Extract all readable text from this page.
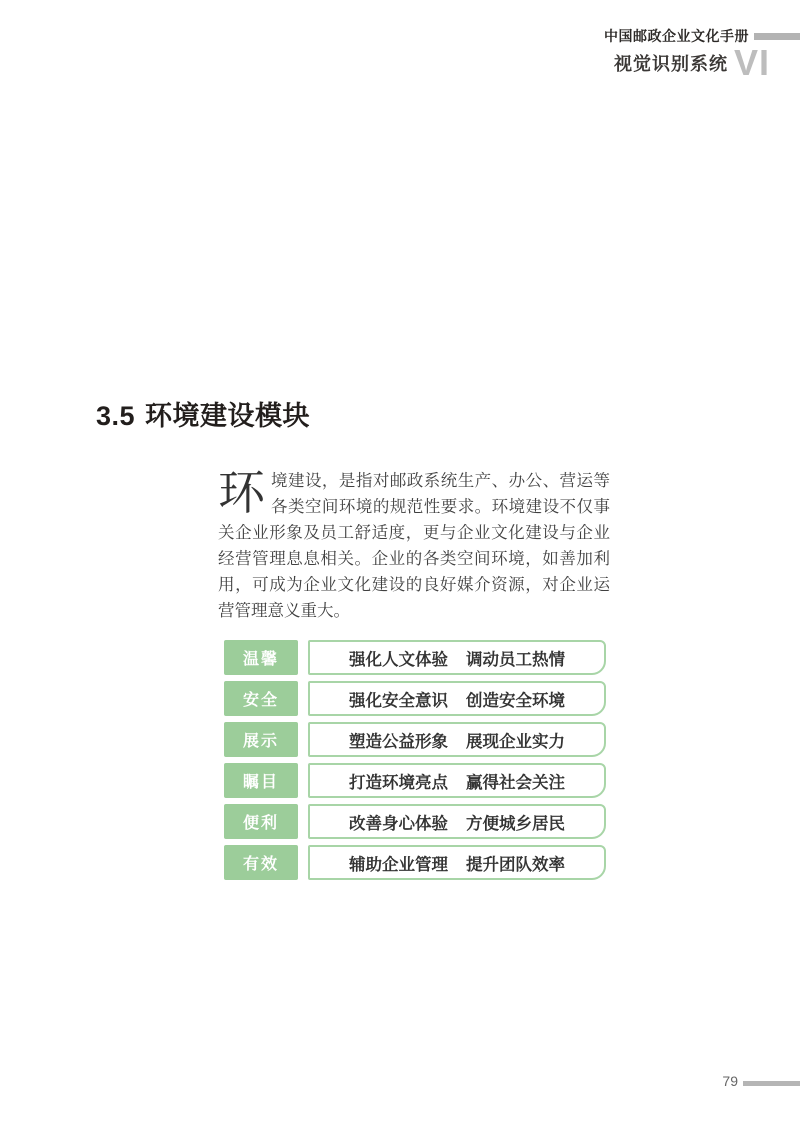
中国邮政企业文化手册
视觉识别系统 VI
3.5 环境建设模块
环境建设，是指对邮政系统生产、办公、营运等各类空间环境的规范性要求。环境建设不仅事关企业形象及员工舒适度，更与企业文化建设与企业经营管理息息相关。企业的各类空间环境，如善加利用，可成为企业文化建设的良好媒介资源，对企业运营管理意义重大。
温馨	强化人文体验 调动员工热情
安全	强化安全意识 创造安全环境
展示	塑造公益形象 展现企业实力
瞩目	打造环境亮点 赢得社会关注
便利	改善身心体验 方便城乡居民
有效	辅助企业管理 提升团队效率
79
